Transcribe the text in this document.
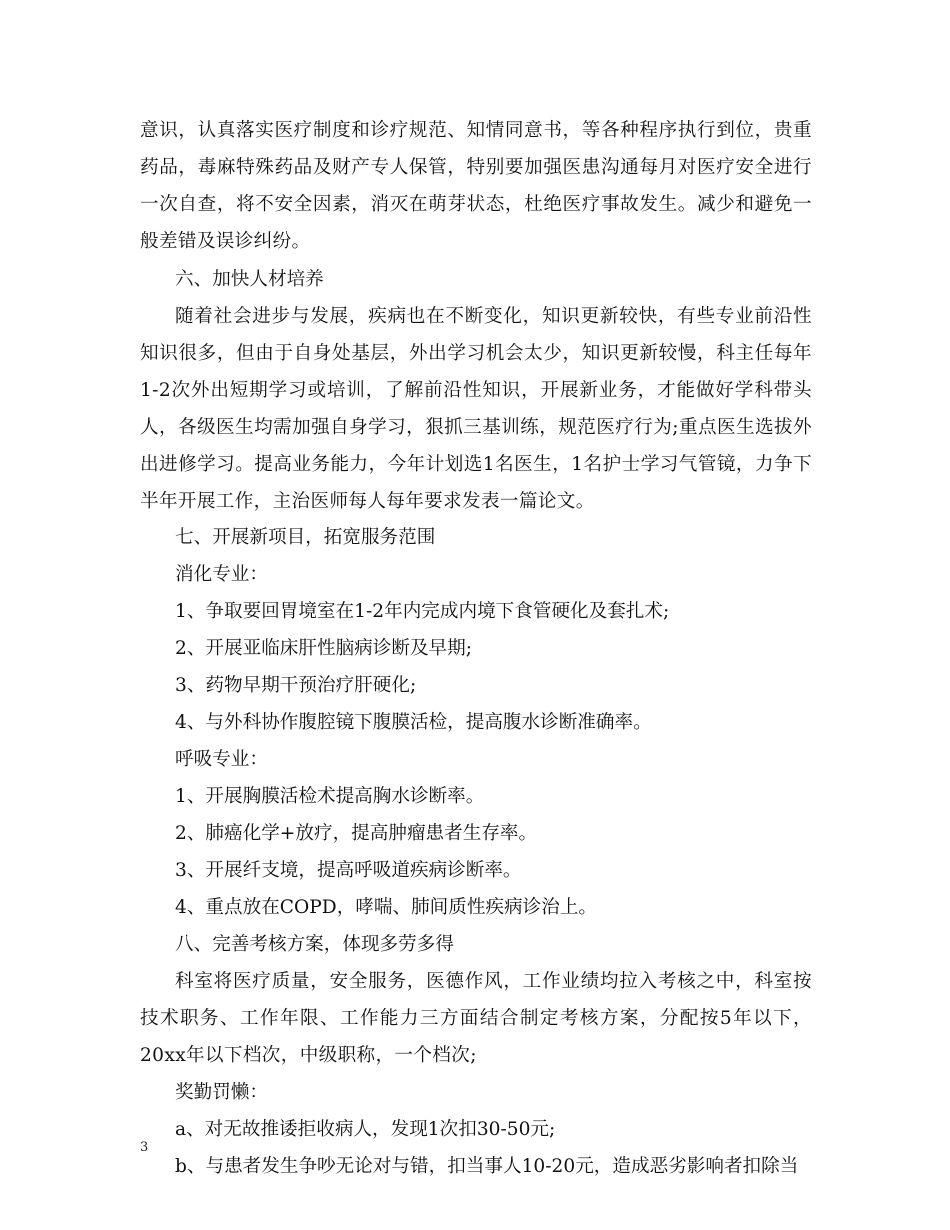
意识，认真落实医疗制度和诊疗规范、知情同意书，等各种程序执行到位，贵重药品，毒麻特殊药品及财产专人保管，特别要加强医患沟通每月对医疗安全进行一次自查，将不安全因素，消灭在萌芽状态，杜绝医疗事故发生。减少和避免一般差错及误诊纠纷。
六、加快人材培养
随着社会进步与发展，疾病也在不断变化，知识更新较快，有些专业前沿性知识很多，但由于自身处基层，外出学习机会太少，知识更新较慢，科主任每年1-2次外出短期学习或培训，了解前沿性知识，开展新业务，才能做好学科带头人，各级医生均需加强自身学习，狠抓三基训练，规范医疗行为;重点医生选拔外出进修学习。提高业务能力，今年计划选1名医生，1名护士学习气管镜，力争下半年开展工作，主治医师每人每年要求发表一篇论文。
七、开展新项目，拓宽服务范围
消化专业：
1、争取要回胃境室在1-2年内完成内境下食管硬化及套扎术;
2、开展亚临床肝性脑病诊断及早期;
3、药物早期干预治疗肝硬化;
4、与外科协作腹腔镜下腹膜活检，提高腹水诊断准确率。
呼吸专业：
1、开展胸膜活检术提高胸水诊断率。
2、肺癌化学+放疗，提高肿瘤患者生存率。
3、开展纤支境，提高呼吸道疾病诊断率。
4、重点放在COPD，哮喘、肺间质性疾病诊治上。
八、完善考核方案，体现多劳多得
科室将医疗质量，安全服务，医德作风，工作业绩均拉入考核之中，科室按技术职务、工作年限、工作能力三方面结合制定考核方案，分配按5年以下，20xx年以下档次，中级职称，一个档次;
奖勤罚懒：
a、对无故推诿拒收病人，发现1次扣30-50元;
b、与患者发生争吵无论对与错，扣当事人10-20元，造成恶劣影响者扣除当
3
